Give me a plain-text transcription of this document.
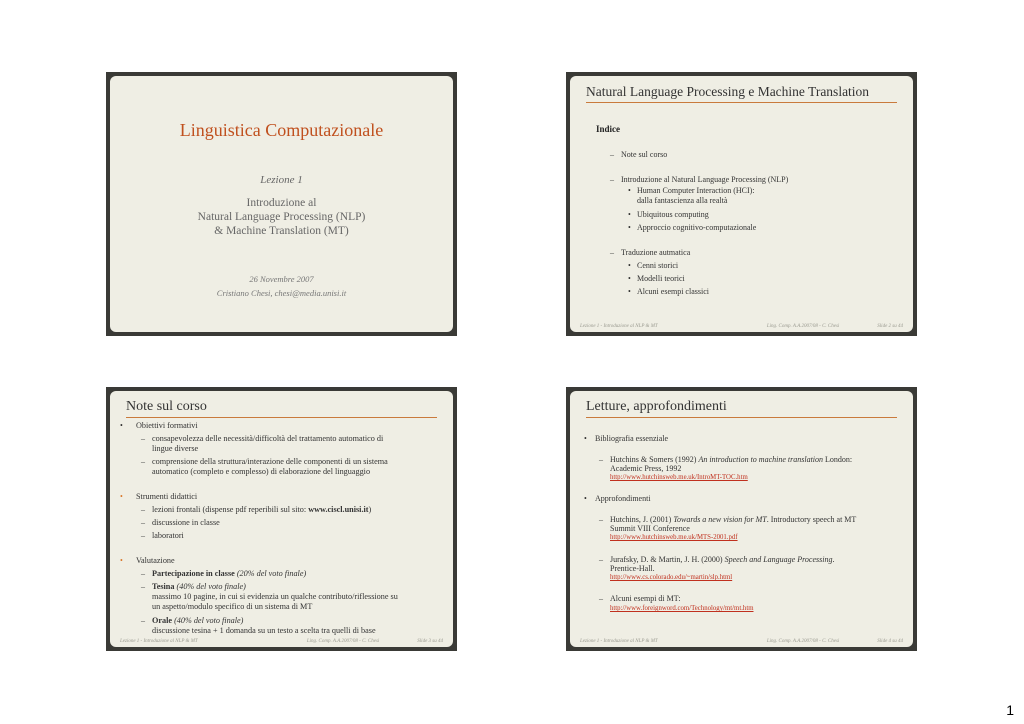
Linguistica Computazionale
Lezione 1
Introduzione al
Natural Language Processing (NLP)
& Machine Translation (MT)
26 Novembre 2007
Cristiano Chesi, chesi@media.unisi.it
Natural Language Processing e Machine Translation
Indice
– Note sul corso
– Introduzione al Natural Language Processing (NLP)
• Human Computer Interaction (HCI):
dalla fantascienza alla realtà
• Ubiquitous computing
• Approccio cognitivo-computazionale
– Traduzione autmatica
• Cenni storici
• Modelli teorici
• Alcuni esempi classici
Lezione 1 - Introduzione al NLP & MT	Ling. Comp. A.A.2007/08 - C. Chesi	Slide 2 su 44
Note sul corso
• Obiettivi formativi
– consapevolezza delle necessità/difficoltà del trattamento automatico di
lingue diverse
– comprensione della struttura/interazione delle componenti di un sistema
automatico (completo e complesso) di elaborazione del linguaggio
• Strumenti didattici
– lezioni frontali (dispense pdf reperibili sul sito: www.ciscl.unisi.it)
– discussione in classe
– laboratori
• Valutazione
– Partecipazione in classe (20% del voto finale)
– Tesina (40% del voto finale)
massimo 10 pagine, in cui si evidenzia un qualche contributo/riflessione su
un aspetto/modulo specifico di un sistema di MT
– Orale (40% del voto finale)
discussione tesina + 1 domanda su un testo a scelta tra quelli di base
Lezione 1 - Introduzione al NLP & MT	Ling. Comp. A.A.2007/08 - C. Chesi	Slide 3 su 44
Letture, approfondimenti
• Bibliografia essenziale
– Hutchins & Somers (1992) An introduction to machine translation London:
Academic Press, 1992
http://www.hutchinsweb.me.uk/IntroMT-TOC.htm
• Approfondimenti
– Hutchins, J. (2001) Towards a new vision for MT. Introductory speech at MT
Summit VIII Conference
http://www.hutchinsweb.me.uk/MTS-2001.pdf
– Jurafsky, D. & Martin, J. H. (2000) Speech and Language Processing.
Prentice-Hall.
http://www.cs.colorado.edu/~martin/slp.html
– Alcuni esempi di MT:
http://www.foreignword.com/Technology/mt/mt.htm
Lezione 1 - Introduzione al NLP & MT	Ling. Comp. A.A.2007/08 - C. Chesi	Slide 4 su 44
1
